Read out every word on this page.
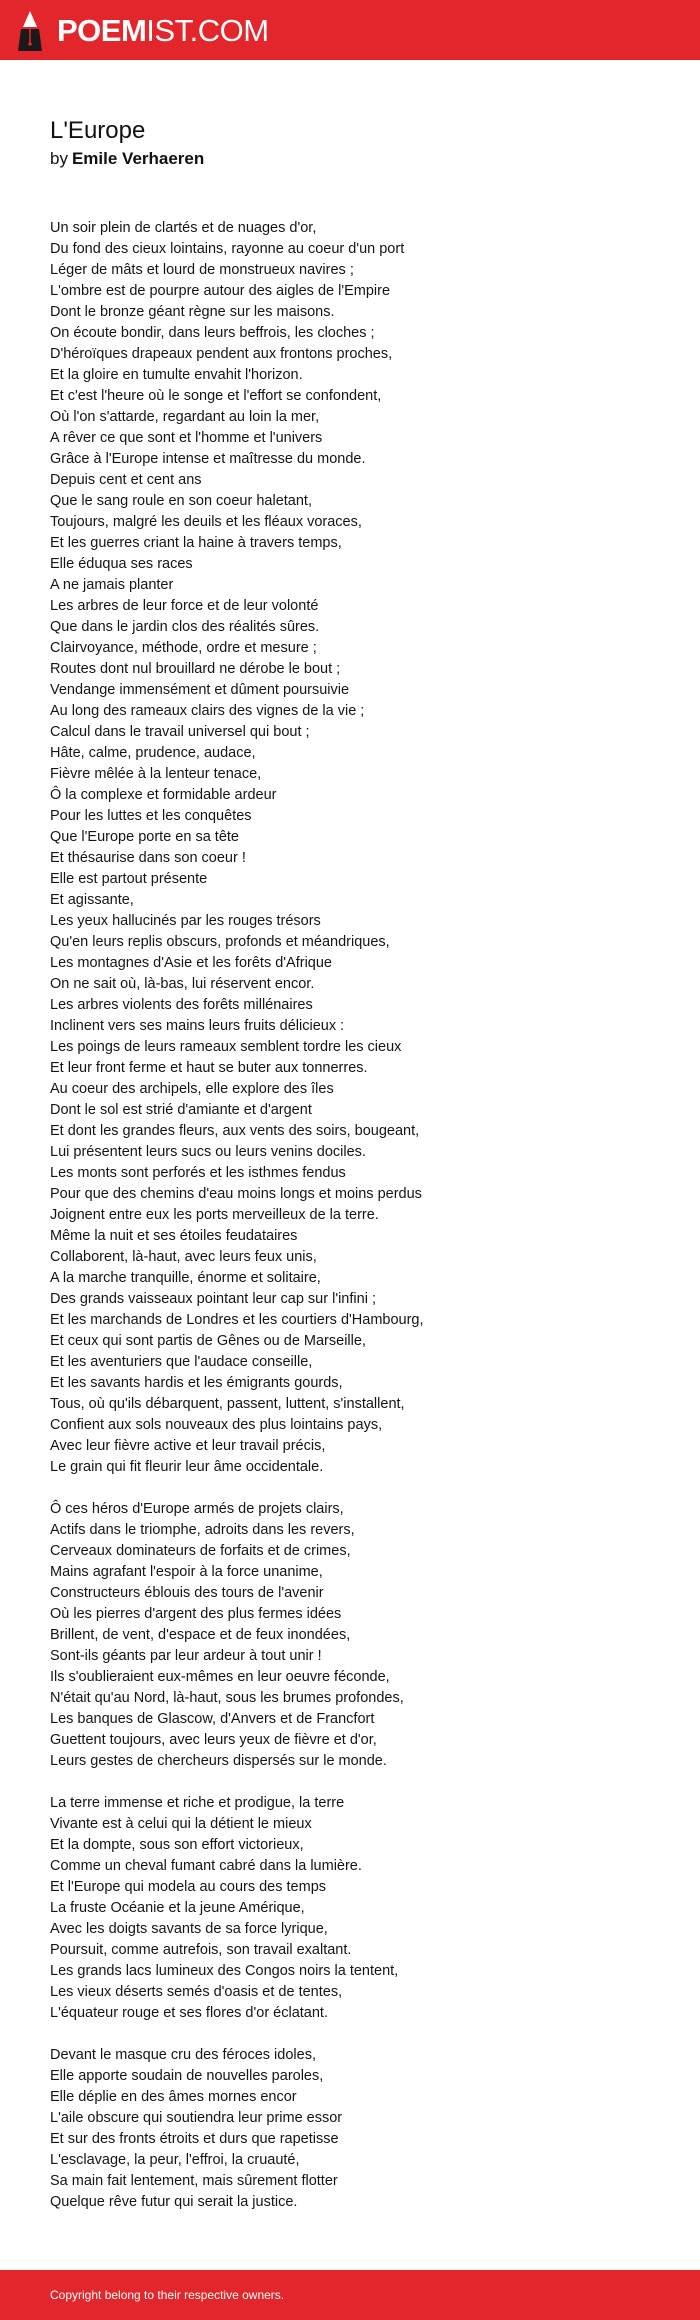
POEMIST.COM
L'Europe
by Emile Verhaeren
Un soir plein de clartés et de nuages d'or,
Du fond des cieux lointains, rayonne au coeur d'un port
Léger de mâts et lourd de monstrueux navires ;
L'ombre est de pourpre autour des aigles de l'Empire
Dont le bronze géant règne sur les maisons.
On écoute bondir, dans leurs beffrois, les cloches ;
D'héroïques drapeaux pendent aux frontons proches,
Et la gloire en tumulte envahit l'horizon.
Et c'est l'heure où le songe et l'effort se confondent,
Où l'on s'attarde, regardant au loin la mer,
A rêver ce que sont et l'homme et l'univers
Grâce à l'Europe intense et maîtresse du monde.
Depuis cent et cent ans
Que le sang roule en son coeur haletant,
Toujours, malgré les deuils et les fléaux voraces,
Et les guerres criant la haine à travers temps,
Elle éduqua ses races
A ne jamais planter
Les arbres de leur force et de leur volonté
Que dans le jardin clos des réalités sûres.
Clairvoyance, méthode, ordre et mesure ;
Routes dont nul brouillard ne dérobe le bout ;
Vendange immensément et dûment poursuivie
Au long des rameaux clairs des vignes de la vie ;
Calcul dans le travail universel qui bout ;
Hâte, calme, prudence, audace,
Fièvre mêlée à la lenteur tenace,
Ô la complexe et formidable ardeur
Pour les luttes et les conquêtes
Que l'Europe porte en sa tête
Et thésaurise dans son coeur !
Elle est partout présente
Et agissante,
Les yeux hallucinés par les rouges trésors
Qu'en leurs replis obscurs, profonds et méandriques,
Les montagnes d'Asie et les forêts d'Afrique
On ne sait où, là-bas, lui réservent encor.
Les arbres violents des forêts millénaires
Inclinent vers ses mains leurs fruits délicieux :
Les poings de leurs rameaux semblent tordre les cieux
Et leur front ferme et haut se buter aux tonnerres.
Au coeur des archipels, elle explore des îles
Dont le sol est strié d'amiante et d'argent
Et dont les grandes fleurs, aux vents des soirs, bougeant,
Lui présentent leurs sucs ou leurs venins dociles.
Les monts sont perforés et les isthmes fendus
Pour que des chemins d'eau moins longs et moins perdus
Joignent entre eux les ports merveilleux de la terre.
Même la nuit et ses étoiles feudataires
Collaborent, là-haut, avec leurs feux unis,
A la marche tranquille, énorme et solitaire,
Des grands vaisseaux pointant leur cap sur l'infini ;
Et les marchands de Londres et les courtiers d'Hambourg,
Et ceux qui sont partis de Gênes ou de Marseille,
Et les aventuriers que l'audace conseille,
Et les savants hardis et les émigrants gourds,
Tous, où qu'ils débarquent, passent, luttent, s'installent,
Confient aux sols nouveaux des plus lointains pays,
Avec leur fièvre active et leur travail précis,
Le grain qui fit fleurir leur âme occidentale.
Ô ces héros d'Europe armés de projets clairs,
Actifs dans le triomphe, adroits dans les revers,
Cerveaux dominateurs de forfaits et de crimes,
Mains agrafant l'espoir à la force unanime,
Constructeurs éblouis des tours de l'avenir
Où les pierres d'argent des plus fermes idées
Brillent, de vent, d'espace et de feux inondées,
Sont-ils géants par leur ardeur à tout unir !
Ils s'oublieraient eux-mêmes en leur oeuvre féconde,
N'était qu'au Nord, là-haut, sous les brumes profondes,
Les banques de Glascow, d'Anvers et de Francfort
Guettent toujours, avec leurs yeux de fièvre et d'or,
Leurs gestes de chercheurs dispersés sur le monde.
La terre immense et riche et prodigue, la terre
Vivante est à celui qui la détient le mieux
Et la dompte, sous son effort victorieux,
Comme un cheval fumant cabré dans la lumière.
Et l'Europe qui modela au cours des temps
La fruste Océanie et la jeune Amérique,
Avec les doigts savants de sa force lyrique,
Poursuit, comme autrefois, son travail exaltant.
Les grands lacs lumineux des Congos noirs la tentent,
Les vieux déserts semés d'oasis et de tentes,
L'équateur rouge et ses flores d'or éclatant.
Devant le masque cru des féroces idoles,
Elle apporte soudain de nouvelles paroles,
Elle déplie en des âmes mornes encor
L'aile obscure qui soutiendra leur prime essor
Et sur des fronts étroits et durs que rapetisse
L'esclavage, la peur, l'effroi, la cruauté,
Sa main fait lentement, mais sûrement flotter
Quelque rêve futur qui serait la justice.
Copyright belong to their respective owners.
